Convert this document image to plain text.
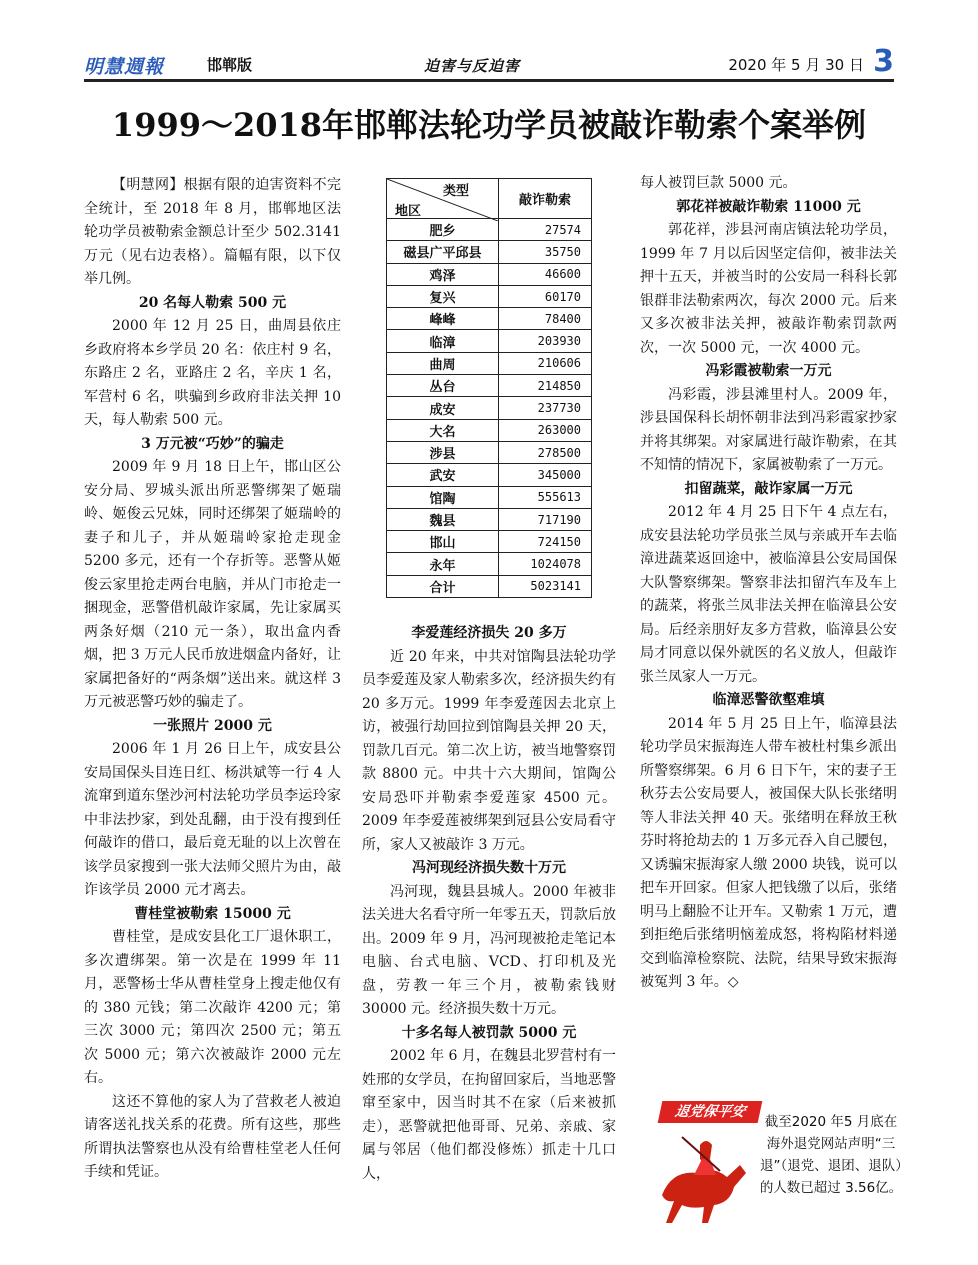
明慧週報	邯郸版	迫害与反迫害	2020 年 5 月 30 日 3
1999～2018年邯郸法轮功学员被敲诈勒索个案举例

【明慧网】根据有限的迫害资料不完全统计，至 2018 年 8 月，邯郸地区法轮功学员被勒索金额总计至少 502.3141 万元（见右边表格）。篇幅有限，以下仅举几例。

20 名每人勒索 500 元

2000 年 12 月 25 日，曲周县依庄乡政府将本乡学员 20 名：依庄村 9 名，东路庄 2 名，亚路庄 2 名，辛庆 1 名，军营村 6 名，哄骗到乡政府非法关押 10 天，每人勒索 500 元。

3 万元被“巧妙”的骗走

2009 年 9 月 18 日上午，邯山区公安分局、罗城头派出所恶警绑架了姬瑞岭、姬俊云兄妹，同时还绑架了姬瑞岭的妻子和儿子，并从姬瑞岭家抢走现金 5200 多元，还有一个存折等。恶警从姬俊云家里抢走两台电脑，并从门市抢走一捆现金，恶警借机敲诈家属，先让家属买两条好烟（210 元一条），取出盒内香烟，把 3 万元人民币放进烟盒内备好，让家属把备好的“两条烟”送出来。就这样 3 万元被恶警巧妙的骗走了。

一张照片 2000 元

2006 年 1 月 26 日上午，成安县公安局国保头目连日红、杨洪斌等一行 4 人流窜到道东堡沙河村法轮功学员李运玲家中非法抄家，到处乱翻，由于没有搜到任何敲诈的借口，最后竟无耻的以上次曾在该学员家搜到一张大法师父照片为由，敲诈该学员 2000 元才离去。

曹桂堂被勒索 15000 元

曹桂堂，是成安县化工厂退休职工，多次遭绑架。第一次是在 1999 年 11 月，恶警杨士华从曹桂堂身上搜走他仅有的 380 元钱；第二次敲诈 4200 元；第三次 3000 元；第四次 2500 元；第五次 5000 元；第六次被敲诈 2000 元左右。

这还不算他的家人为了营救老人被迫请客送礼找关系的花费。所有这些，那些所谓执法警察也从没有给曹桂堂老人任何手续和凭证。

类型
地区	敲诈勒索
肥乡	27574
磁县广平邱县	35750
鸡泽	46600
复兴	60170
峰峰	78400
临漳	203930
曲周	210606
丛台	214850
成安	237730
大名	263000
涉县	278500
武安	345000
馆陶	555613
魏县	717190
邯山	724150
永年	1024078
合计	5023141
李爱莲经济损失 20 多万

近 20 年来，中共对馆陶县法轮功学员李爱莲及家人勒索多次，经济损失约有 20 多万元。1999 年李爱莲因去北京上访，被强行劫回拉到馆陶县关押 20 天，罚款几百元。第二次上访，被当地警察罚款 8800 元。中共十六大期间，馆陶公安局恐吓并勒索李爱莲家 4500 元。2009 年李爱莲被绑架到冠县公安局看守所，家人又被敲诈 3 万元。

冯河现经济损失数十万元

冯河现，魏县县城人。2000 年被非法关进大名看守所一年零五天，罚款后放出。2009 年 9 月，冯河现被抢走笔记本电脑、台式电脑、VCD、打印机及光盘，劳教一年三个月，被勒索钱财 30000 元。经济损失数十万元。

十多名每人被罚款 5000 元

2002 年 6 月，在魏县北罗营村有一姓邢的女学员，在拘留回家后，当地恶警窜至家中，因当时其不在家（后来被抓走），恶警就把他哥哥、兄弟、亲戚、家属与邻居（他们都没修炼）抓走十几口人，

每人被罚巨款 5000 元。

郭花祥被敲诈勒索 11000 元

郭花祥，涉县河南店镇法轮功学员，1999 年 7 月以后因坚定信仰，被非法关押十五天，并被当时的公安局一科科长郭银群非法勒索两次，每次 2000 元。后来又多次被非法关押，被敲诈勒索罚款两次，一次 5000 元，一次 4000 元。

冯彩霞被勒索一万元

冯彩霞，涉县滩里村人。2009 年，涉县国保科长胡怀朝非法到冯彩霞家抄家并将其绑架。对家属进行敲诈勒索，在其不知情的情况下，家属被勒索了一万元。

扣留蔬菜，敲诈家属一万元

2012 年 4 月 25 日下午 4 点左右，成安县法轮功学员张兰凤与亲戚开车去临漳进蔬菜返回途中，被临漳县公安局国保大队警察绑架。警察非法扣留汽车及车上的蔬菜，将张兰凤非法关押在临漳县公安局。后经亲朋好友多方营救，临漳县公安局才同意以保外就医的名义放人，但敲诈张兰凤家人一万元。

临漳恶警欲壑难填

2014 年 5 月 25 日上午，临漳县法轮功学员宋振海连人带车被杜村集乡派出所警察绑架。6 月 6 日下午，宋的妻子王秋芬去公安局要人，被国保大队长张绪明等人非法关押 40 天。张绪明在释放王秋芬时将抢劫去的 1 万多元吞入自己腰包，又诱骗宋振海家人缴 2000 块钱，说可以把车开回家。但家人把钱缴了以后，张绪明马上翻脸不让开车。又勒索 1 万元，遭到拒绝后张绪明恼羞成怒，将构陷材料递交到临漳检察院、法院，结果导致宋振海被冤判 3 年。◇

退党保平安
截至2020 年5 月底在海外退党网站声明“三退”（退党、退团、退队）的人数已超过 3.56亿。
